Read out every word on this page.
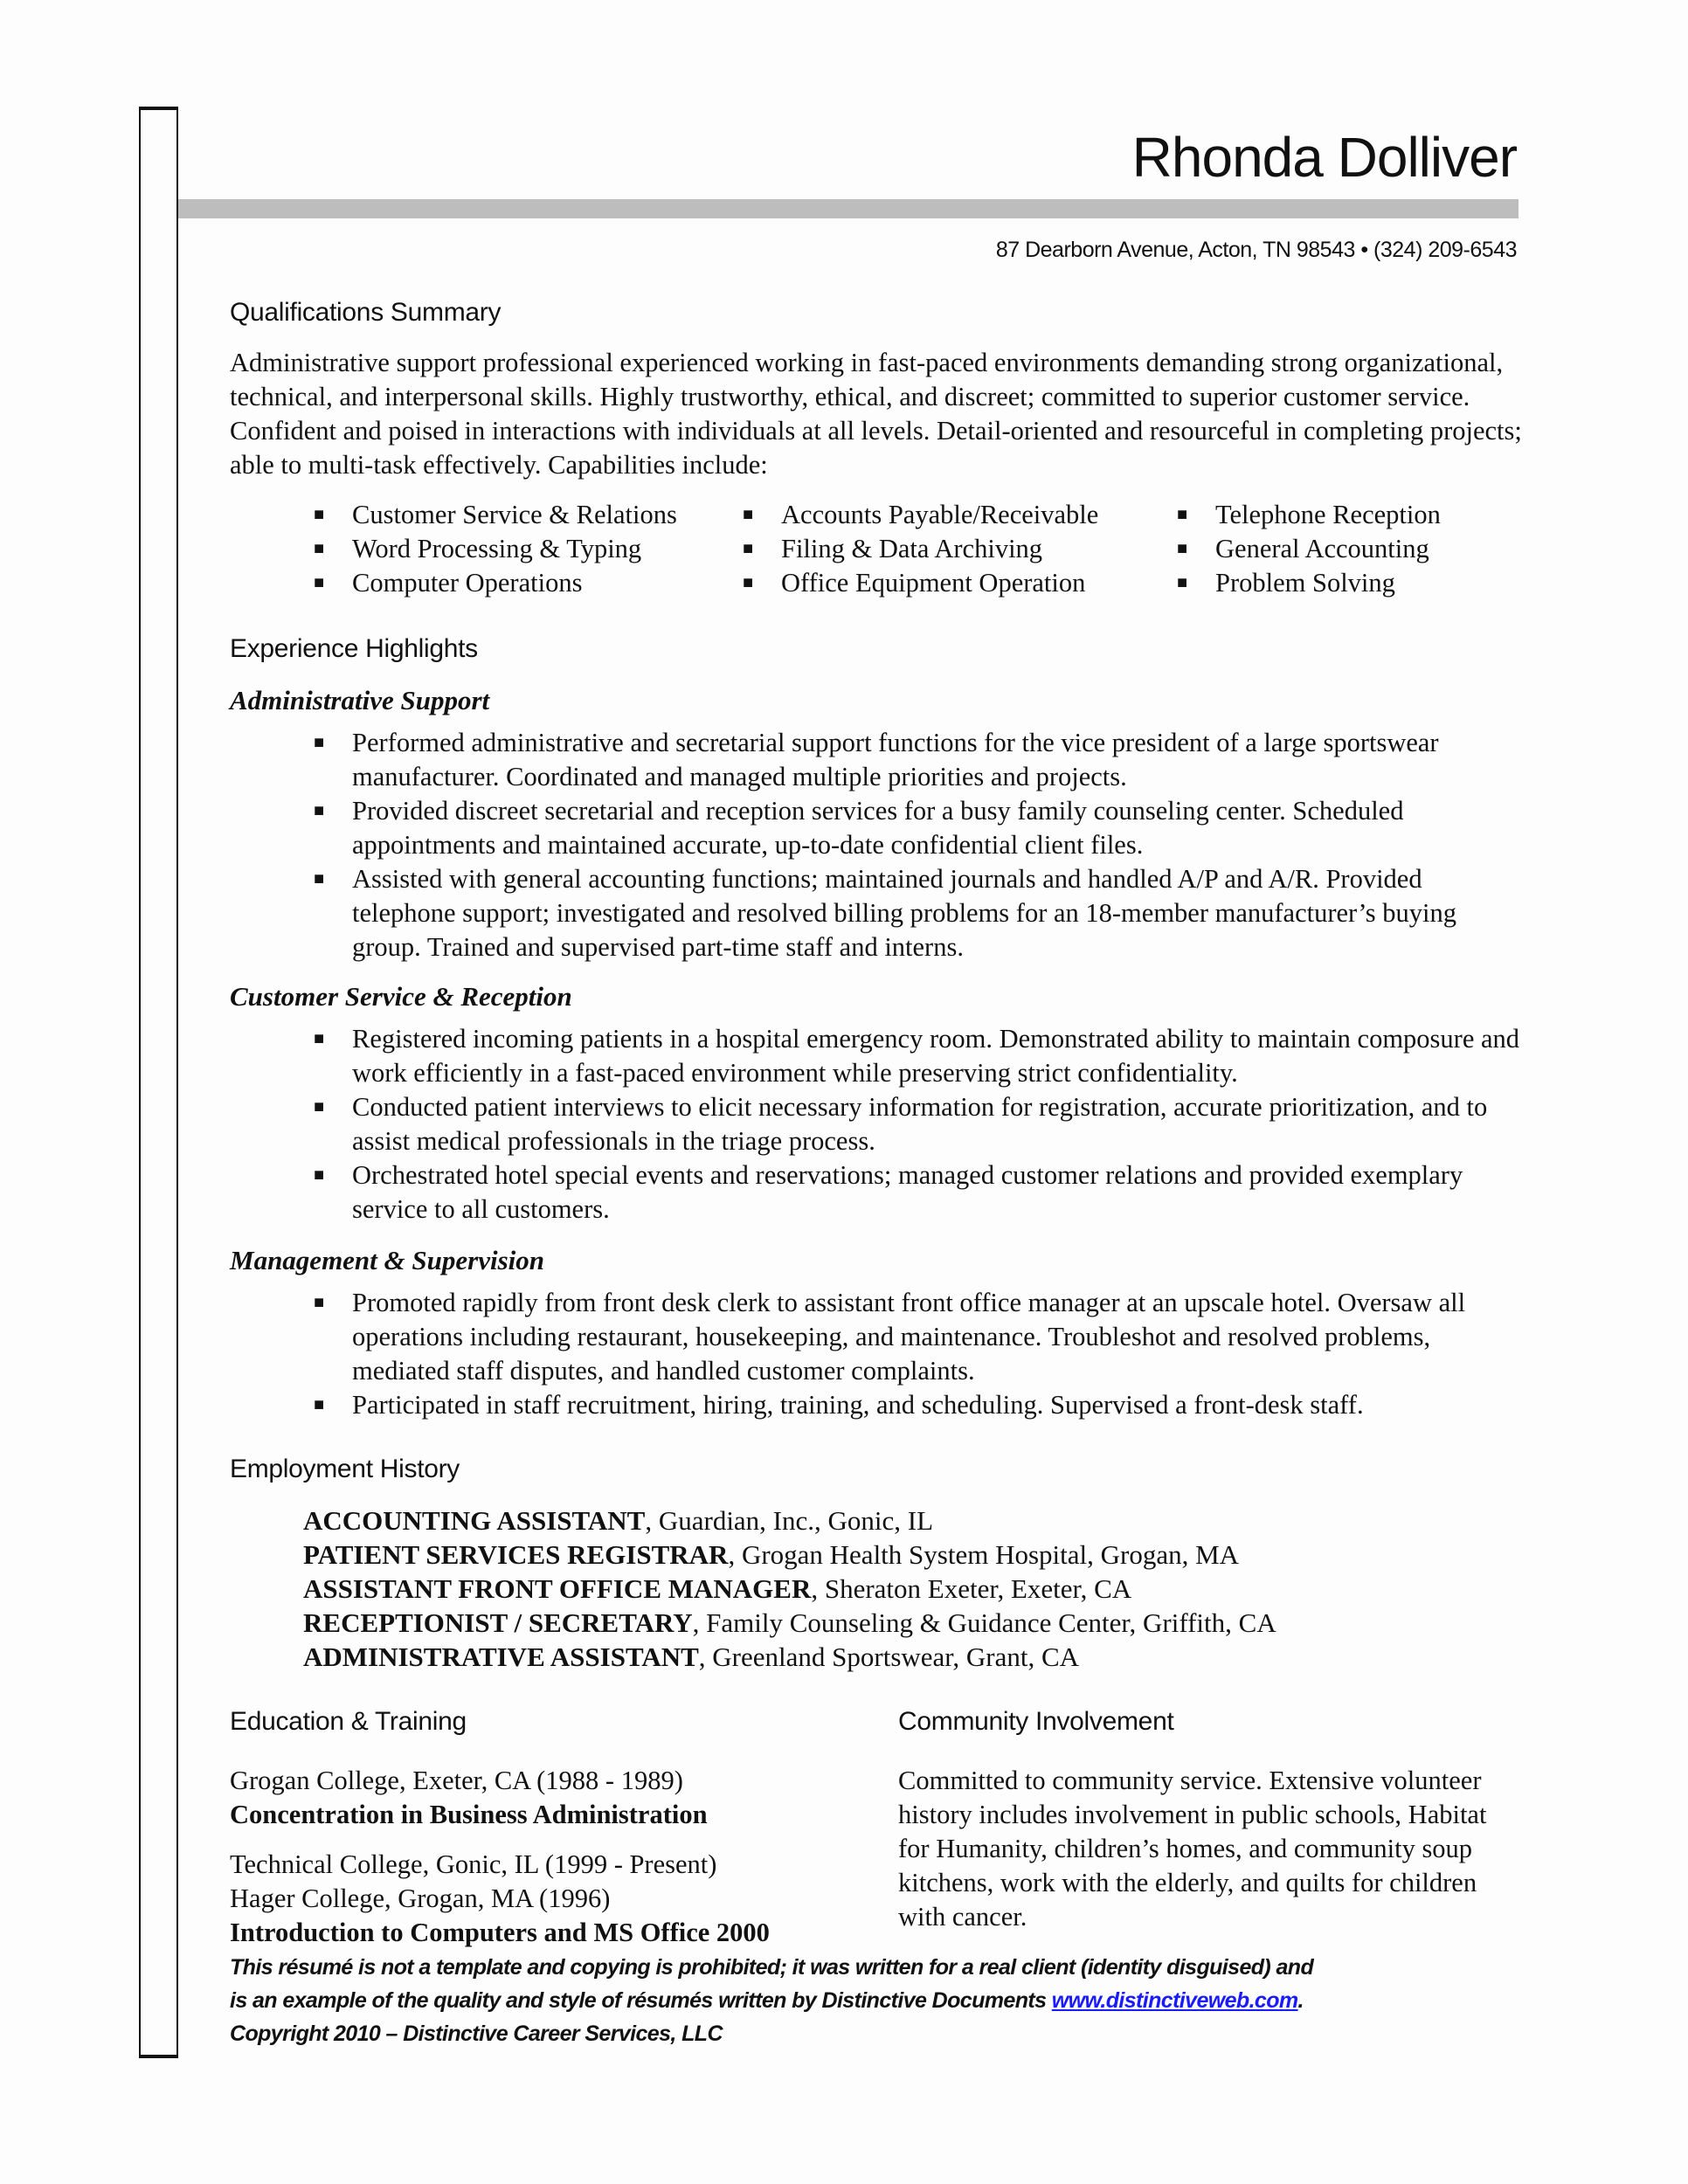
Rhonda Dolliver
87 Dearborn Avenue, Acton, TN 98543 • (324) 209-6543
Qualifications Summary
Administrative support professional experienced working in fast-paced environments demanding strong organizational, technical, and interpersonal skills. Highly trustworthy, ethical, and discreet; committed to superior customer service. Confident and poised in interactions with individuals at all levels. Detail-oriented and resourceful in completing projects; able to multi-task effectively. Capabilities include:
■	Customer Service & Relations	■	Accounts Payable/Receivable	■	Telephone Reception
■	Word Processing & Typing	■	Filing & Data Archiving	■	General Accounting
■	Computer Operations	■	Office Equipment Operation	■	Problem Solving
Experience Highlights
Administrative Support
■	Performed administrative and secretarial support functions for the vice president of a large sportswear manufacturer. Coordinated and managed multiple priorities and projects.
■	Provided discreet secretarial and reception services for a busy family counseling center. Scheduled appointments and maintained accurate, up-to-date confidential client files.
■	Assisted with general accounting functions; maintained journals and handled A/P and A/R. Provided telephone support; investigated and resolved billing problems for an 18-member manufacturer’s buying group. Trained and supervised part-time staff and interns.
Customer Service & Reception
■	Registered incoming patients in a hospital emergency room. Demonstrated ability to maintain composure and work efficiently in a fast-paced environment while preserving strict confidentiality.
■	Conducted patient interviews to elicit necessary information for registration, accurate prioritization, and to assist medical professionals in the triage process.
■	Orchestrated hotel special events and reservations; managed customer relations and provided exemplary service to all customers.
Management & Supervision
■	Promoted rapidly from front desk clerk to assistant front office manager at an upscale hotel. Oversaw all operations including restaurant, housekeeping, and maintenance. Troubleshot and resolved problems, mediated staff disputes, and handled customer complaints.
■	Participated in staff recruitment, hiring, training, and scheduling. Supervised a front-desk staff.
Employment History
ACCOUNTING ASSISTANT, Guardian, Inc., Gonic, IL
PATIENT SERVICES REGISTRAR, Grogan Health System Hospital, Grogan, MA
ASSISTANT FRONT OFFICE MANAGER, Sheraton Exeter, Exeter, CA
RECEPTIONIST / SECRETARY, Family Counseling & Guidance Center, Griffith, CA
ADMINISTRATIVE ASSISTANT, Greenland Sportswear, Grant, CA
Education & Training
Grogan College, Exeter, CA (1988 - 1989)
Concentration in Business Administration
Technical College, Gonic, IL (1999 - Present)
Hager College, Grogan, MA (1996)
Introduction to Computers and MS Office 2000
Community Involvement
Committed to community service. Extensive volunteer history includes involvement in public schools, Habitat for Humanity, children’s homes, and community soup kitchens, work with the elderly, and quilts for children with cancer.
This résumé is not a template and copying is prohibited; it was written for a real client (identity disguised) and
is an example of the quality and style of résumés written by Distinctive Documents www.distinctiveweb.com.
Copyright 2010 – Distinctive Career Services, LLC
